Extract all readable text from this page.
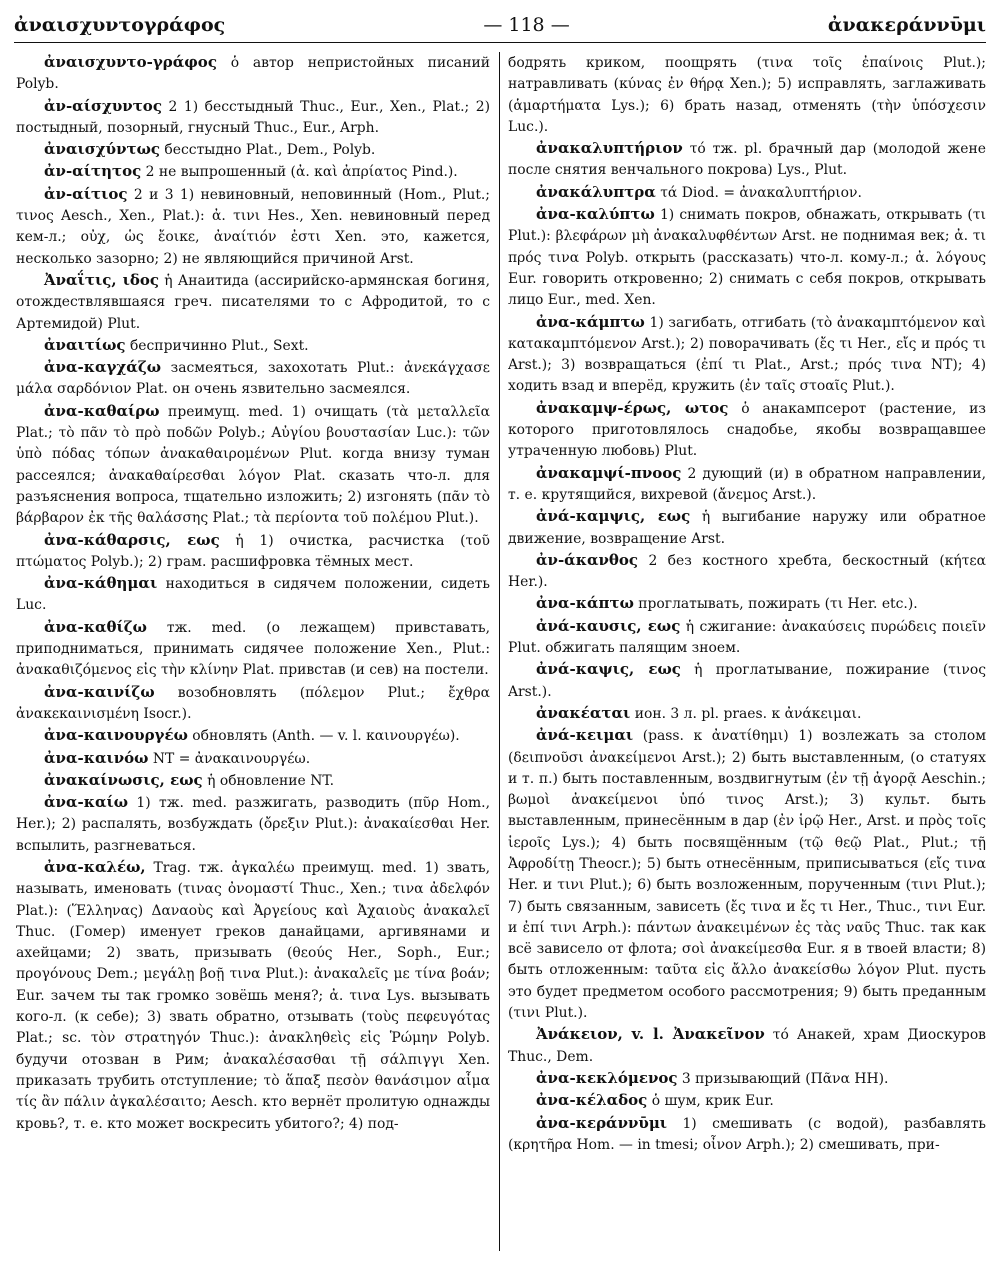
ἀναισχυντογράφος	— 118 —	ἀνακεράννῡμι

ἀναισχυντο-γράφος ὁ автор непристойных писаний Polyb.

ἀν-αίσχυντος 2 1) бесстыдный Thuc., Eur., Xen., Plat.; 2) постыдный, позорный, гнусный Thuc., Eur., Arph.

ἀναισχύντως бесстыдно Plat., Dem., Polyb.

ἀν-αίτητος 2 не выпрошенный (ἀ. καὶ ἀπρίατος Pind.).

ἀν-αίτιος 2 и 3 1) невиновный, неповинный (Hom., Plut.; τινος Aesch., Xen., Plat.): ἀ. τινι Hes., Xen. невиновный перед кем-л.; οὐχ, ὡς ἔοικε, ἀναίτιόν ἐστι Xen. это, кажется, несколько зазорно; 2) не являющийся причиной Arst.

Ἀναΐτις, ιδος ἡ Анаитида (ассирийско-армянская богиня, отождествлявшаяся греч. писателями то с Афродитой, то с Артемидой) Plut.

ἀναιτίως беспричинно Plut., Sext.

ἀνα-καγχάζω засмеяться, захохотать Plut.: ἀνεκάγχασε μάλα σαρδόνιον Plat. он очень язвительно засмеялся.

ἀνα-καθαίρω преимущ. med. 1) очищать (τὰ μεταλλεῖα Plat.; τὸ πᾶν τὸ πρὸ ποδῶν Polyb.; Αὐγίου βουστασίαν Luc.): τῶν ὑπὸ πόδας τόπων ἀνακαθαιρομένων Plut. когда внизу туман рассеялся; ἀνακαθαίρεσθαι λόγον Plat. сказать что-л. для разъяснения вопроса, тщательно изложить; 2) изгонять (πᾶν τὸ βάρβαρον ἐκ τῆς θαλάσσης Plat.; τὰ περίοντα τοῦ πολέμου Plut.).

ἀνα-κάθαρσις, εως ἡ 1) очистка, расчистка (τοῦ πτώματος Polyb.); 2) грам. расшифровка тёмных мест.

ἀνα-κάθημαι находиться в сидячем положении, сидеть Luc.

ἀνα-καθίζω тж. med. (о лежащем) привставать, приподниматься, принимать сидячее положение Xen., Plut.: ἀνακαθιζόμενος εἰς τὴν κλίνην Plat. привстав (и сев) на постели.

ἀνα-καινίζω возобновлять (πόλεμον Plut.; ἔχθρα ἀνακεκαινισμένη Isocr.).

ἀνα-καινουργέω обновлять (Anth. — v. l. καινουργέω).

ἀνα-καινόω NT = ἀνακαινουργέω.

ἀνακαίνωσις, εως ἡ обновление NT.

ἀνα-καίω 1) тж. med. разжигать, разводить (πῦρ Hom., Her.); 2) распалять, возбуждать (ὄρεξιν Plut.): ἀνακαίεσθαι Her. вспылить, разгневаться.

ἀνα-καλέω, Trag. тж. ἀγκαλέω преимущ. med. 1) звать, называть, именовать (τινας ὀνομαστί Thuc., Xen.; τινα ἀδελφόν Plat.): (Ἕλληνας) Δαναοὺς καὶ Ἀργείους καὶ Ἀχαιοὺς ἀνακαλεῖ Thuc. (Гомер) именует греков данайцами, аргивянами и ахейцами; 2) звать, призывать (θεούς Her., Soph., Eur.; προγόνους Dem.; μεγάλῃ βοῇ τινα Plut.): ἀνακαλεῖς με τίνα βοάν; Eur. зачем ты так громко зовёшь меня?; ἀ. τινα Lys. вызывать кого-л. (к себе); 3) звать обратно, отзывать (τοὺς πεφευγότας Plat.; sc. τὸν στρατηγόν Thuc.): ἀνακληθεὶς εἰς Ῥώμην Polyb. будучи отозван в Рим; ἀνακαλέσασθαι τῇ σάλπιγγι Xen. приказать трубить отступление; τὸ ἅπαξ πεσὸν θανάσιμον αἷμα τίς ἂν πάλιν ἀγκαλέσαιτο; Aesch. кто вернёт пролитую однажды кровь?, т. е. кто может воскресить убитого?; 4) под-

бодрять криком, поощрять (τινα τοῖς ἐπαίνοις Plut.); натравливать (κύνας ἐν θήρᾳ Xen.); 5) исправлять, заглаживать (ἁμαρτήματα Lys.); 6) брать назад, отменять (τὴν ὑπόσχεσιν Luc.).

ἀνακαλυπτήριον τό тж. pl. брачный дар (молодой жене после снятия венчального покрова) Lys., Plut.

ἀνακάλυπτρα τά Diod. = ἀνακαλυπτήριον.

ἀνα-καλύπτω 1) снимать покров, обнажать, открывать (τι Plut.): βλεφάρων μὴ ἀνακαλυφθέντων Arst. не поднимая век; ἀ. τι πρός τινα Polyb. открыть (рассказать) что-л. кому-л.; ἀ. λόγους Eur. говорить откровенно; 2) снимать с себя покров, открывать лицо Eur., med. Xen.

ἀνα-κάμπτω 1) загибать, отгибать (τὸ ἀνακαμπτόμενον καὶ κατακαμπτόμενον Arst.); 2) поворачивать (ἔς τι Her., εἴς и πρός τι Arst.); 3) возвращаться (ἐπί τι Plat., Arst.; πρός τινα NT); 4) ходить взад и вперёд, кружить (ἐν ταῖς στοαῖς Plut.).

ἀνακαμψ-έρως, ωτος ὁ анакампсерот (растение, из которого приготовлялось снадобье, якобы возвращавшее утраченную любовь) Plut.

ἀνακαμψί-πνοος 2 дующий (и) в обратном направлении, т. е. крутящийся, вихревой (ἄνεμος Arst.).

ἀνά-καμψις, εως ἡ выгибание наружу или обратное движение, возвращение Arst.

ἀν-άκανθος 2 без костного хребта, бескостный (κήτεα Her.).

ἀνα-κάπτω проглатывать, пожирать (τι Her. etc.).

ἀνά-καυσις, εως ἡ сжигание: ἀνακαύσεις πυρώδεις ποιεῖν Plut. обжигать палящим зноем.

ἀνά-καψις, εως ἡ проглатывание, пожирание (τινος Arst.).

ἀνακέαται ион. 3 л. pl. praes. к ἀνάκειμαι.

ἀνά-κειμαι (pass. к ἀνατίθημι) 1) возлежать за столом (δειπνοῦσι ἀνακείμενοι Arst.); 2) быть выставленным, (о статуях и т. п.) быть поставленным, воздвигнутым (ἐν τῇ ἀγορᾷ Aeschin.; βωμοὶ ἀνακείμενοι ὑπό τινος Arst.); 3) культ. быть выставленным, принесённым в дар (ἐν ἱρῷ Her., Arst. и πρὸς τοῖς ἱεροῖς Lys.); 4) быть посвящённым (τῷ θεῷ Plat., Plut.; τῇ Ἀφροδίτῃ Theocr.); 5) быть отнесённым, приписываться (εἴς τινα Her. и τινι Plut.); 6) быть возложенным, порученным (τινι Plut.); 7) быть связанным, зависеть (ἔς τινα и ἔς τι Her., Thuc., τινι Eur. и ἐπί τινι Arph.): πάντων ἀνακειμένων ἐς τὰς ναῦς Thuc. так как всё зависело от флота; σοὶ ἀνακείμεσθα Eur. я в твоей власти; 8) быть отложенным: ταῦτα εἰς ἄλλο ἀνακείσθω λόγον Plut. пусть это будет предметом особого рассмотрения; 9) быть преданным (τινι Plut.).

Ἀνάκειον, v. l. Ἀνακεῖνον τό Анакей, храм Диоскуров Thuc., Dem.

ἀνα-κεκλόμενος 3 призывающий (Πᾶνα HH).

ἀνα-κέλαδος ὁ шум, крик Eur.

ἀνα-κεράννῡμι 1) смешивать (с водой), разбавлять (κρητῆρα Hom. — in tmesi; οἶνον Arph.); 2) смешивать, при-
